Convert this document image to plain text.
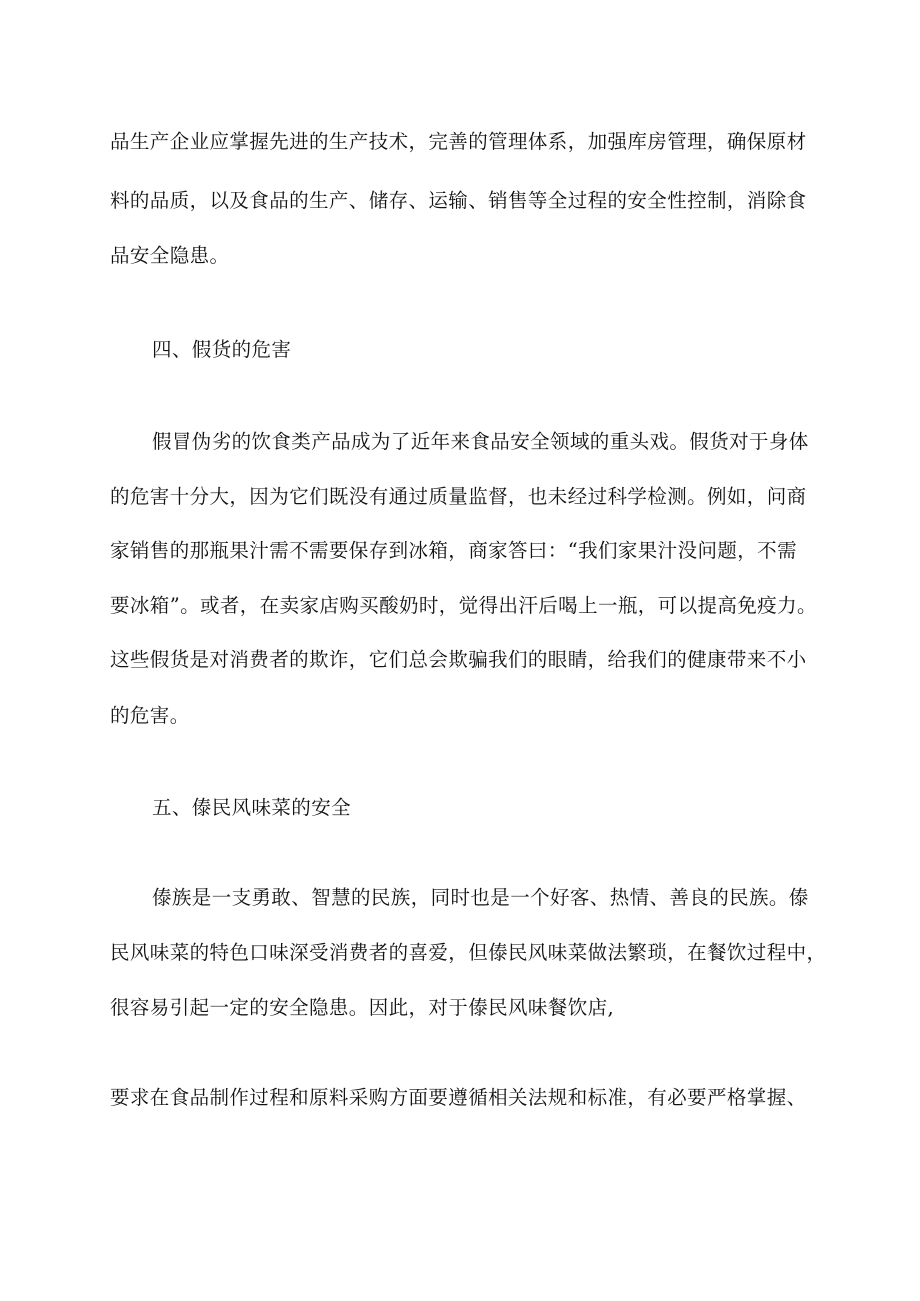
品生产企业应掌握先进的生产技术，完善的管理体系，加强库房管理，确保原材
料的品质，以及食品的生产、储存、运输、销售等全过程的安全性控制，消除食
品安全隐患。
四、假货的危害
假冒伪劣的饮食类产品成为了近年来食品安全领域的重头戏。假货对于身体
的危害十分大，因为它们既没有通过质量监督，也未经过科学检测。例如，问商
家销售的那瓶果汁需不需要保存到冰箱，商家答曰：“我们家果汁没问题，不需
要冰箱”。或者，在卖家店购买酸奶时，觉得出汗后喝上一瓶，可以提高免疫力。
这些假货是对消费者的欺诈，它们总会欺骗我们的眼睛，给我们的健康带来不小
的危害。
五、傣民风味菜的安全
傣族是一支勇敢、智慧的民族，同时也是一个好客、热情、善良的民族。傣
民风味菜的特色口味深受消费者的喜爱，但傣民风味菜做法繁琐，在餐饮过程中，
很容易引起一定的安全隐患。因此，对于傣民风味餐饮店,
要求在食品制作过程和原料采购方面要遵循相关法规和标准，有必要严格掌握、
